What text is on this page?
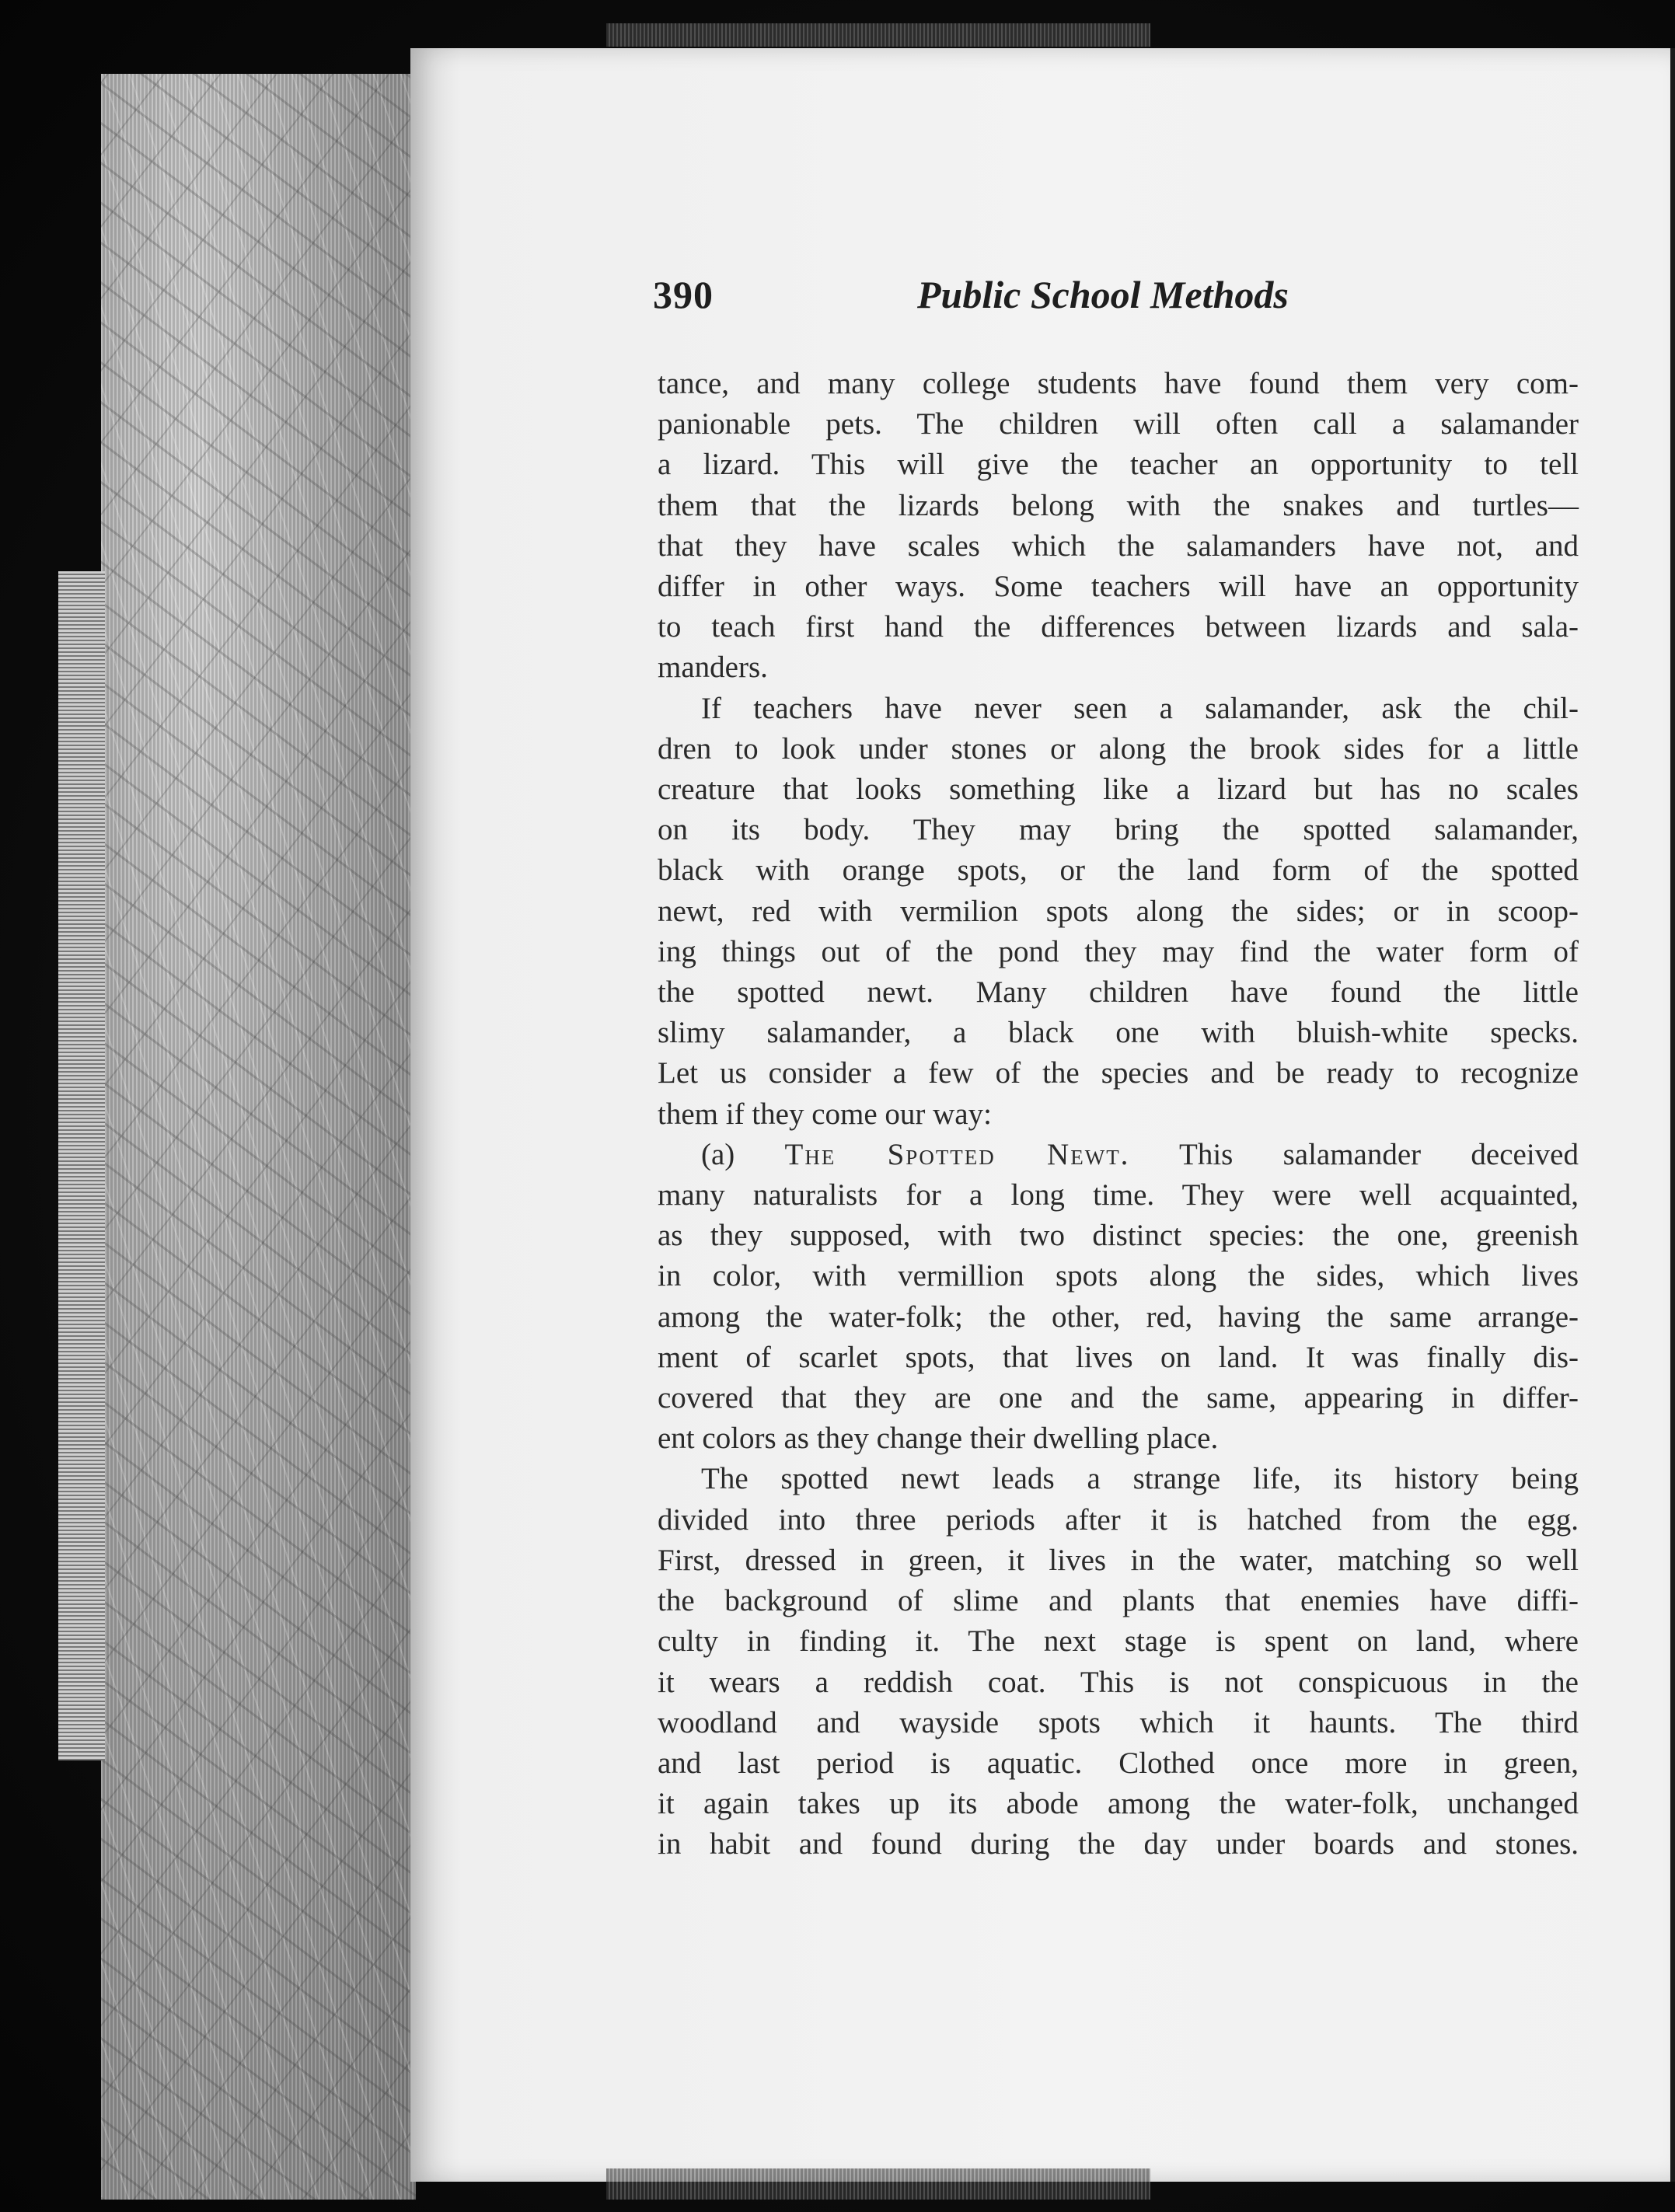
390	Public School Methods
tance, and many college students have found them very com-
panionable pets. The children will often call a salamander
a lizard. This will give the teacher an opportunity to tell
them that the lizards belong with the snakes and turtles—
that they have scales which the salamanders have not, and
differ in other ways. Some teachers will have an opportunity
to teach first hand the differences between lizards and sala-
manders.
If teachers have never seen a salamander, ask the chil-
dren to look under stones or along the brook sides for a little
creature that looks something like a lizard but has no scales
on its body. They may bring the spotted salamander,
black with orange spots, or the land form of the spotted
newt, red with vermilion spots along the sides; or in scoop-
ing things out of the pond they may find the water form of
the spotted newt. Many children have found the little
slimy salamander, a black one with bluish-white specks.
Let us consider a few of the species and be ready to recognize
them if they come our way:
(a) The Spotted Newt. This salamander deceived
many naturalists for a long time. They were well acquainted,
as they supposed, with two distinct species: the one, greenish
in color, with vermillion spots along the sides, which lives
among the water-folk; the other, red, having the same arrange-
ment of scarlet spots, that lives on land. It was finally dis-
covered that they are one and the same, appearing in differ-
ent colors as they change their dwelling place.
The spotted newt leads a strange life, its history being
divided into three periods after it is hatched from the egg.
First, dressed in green, it lives in the water, matching so well
the background of slime and plants that enemies have diffi-
culty in finding it. The next stage is spent on land, where
it wears a reddish coat. This is not conspicuous in the
woodland and wayside spots which it haunts. The third
and last period is aquatic. Clothed once more in green,
it again takes up its abode among the water-folk, unchanged
in habit and found during the day under boards and stones.
